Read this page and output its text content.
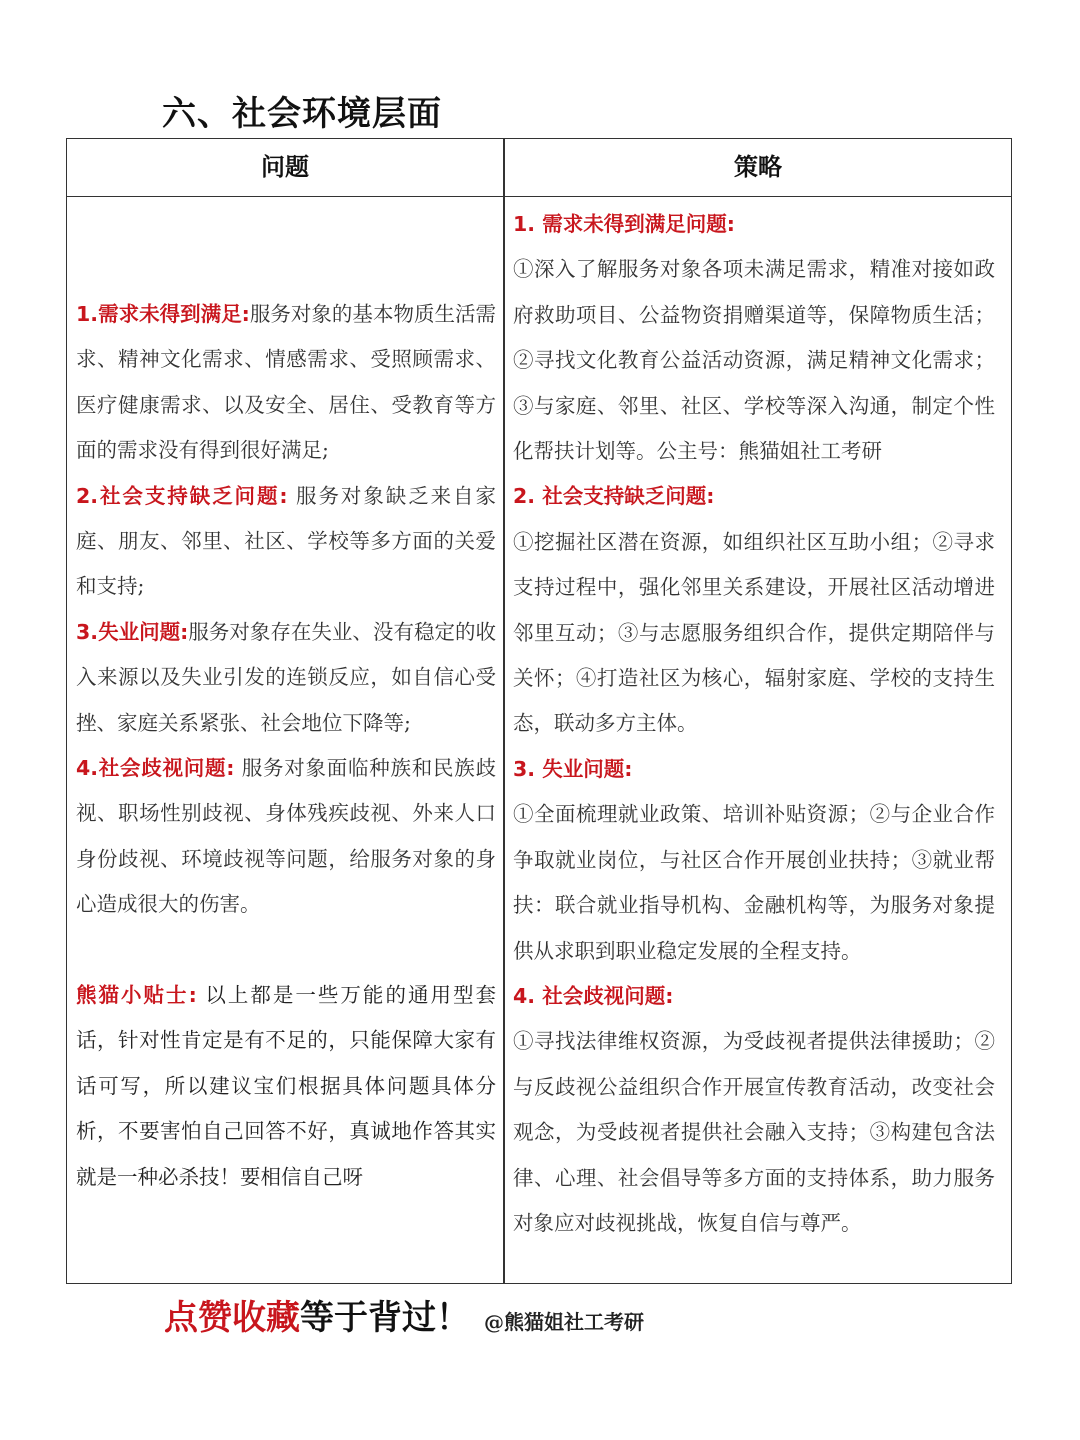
六、社会环境层面
问题	策略

1.需求未得到满足:服务对象的基本物质生活需求、精神文化需求、情感需求、受照顾需求、医疗健康需求、以及安全、居住、受教育等方面的需求没有得到很好满足;

2.社会支持缺乏问题: 服务对象缺乏来自家庭、朋友、邻里、社区、学校等多方面的关爱和支持;

3.失业问题:服务对象存在失业、没有稳定的收入来源以及失业引发的连锁反应，如自信心受挫、家庭关系紧张、社会地位下降等;

4.社会歧视问题: 服务对象面临种族和民族歧视、职场性别歧视、身体残疾歧视、外来人口身份歧视、环境歧视等问题，给服务对象的身心造成很大的伤害。

熊猫小贴士: 以上都是一些万能的通用型套话，针对性肯定是有不足的，只能保障大家有话可写，所以建议宝们根据具体问题具体分析，不要害怕自己回答不好，真诚地作答其实就是一种必杀技！要相信自己呀

1. 需求未得到满足问题:

①深入了解服务对象各项未满足需求，精准对接如政府救助项目、公益物资捐赠渠道等，保障物质生活；②寻找文化教育公益活动资源，满足精神文化需求；③与家庭、邻里、社区、学校等深入沟通，制定个性化帮扶计划等。公主号：熊猫姐社工考研

2. 社会支持缺乏问题:

①挖掘社区潜在资源，如组织社区互助小组；②寻求支持过程中，强化邻里关系建设，开展社区活动增进邻里互动；③与志愿服务组织合作，提供定期陪伴与关怀；④打造社区为核心，辐射家庭、学校的支持生态，联动多方主体。

3. 失业问题:

①全面梳理就业政策、培训补贴资源；②与企业合作争取就业岗位，与社区合作开展创业扶持；③就业帮扶：联合就业指导机构、金融机构等，为服务对象提供从求职到职业稳定发展的全程支持。

4. 社会歧视问题:

①寻找法律维权资源，为受歧视者提供法律援助；②与反歧视公益组织合作开展宣传教育活动，改变社会观念，为受歧视者提供社会融入支持；③构建包含法律、心理、社会倡导等多方面的支持体系，助力服务对象应对歧视挑战，恢复自信与尊严。

点赞收藏等于背过！ @熊猫姐社工考研
